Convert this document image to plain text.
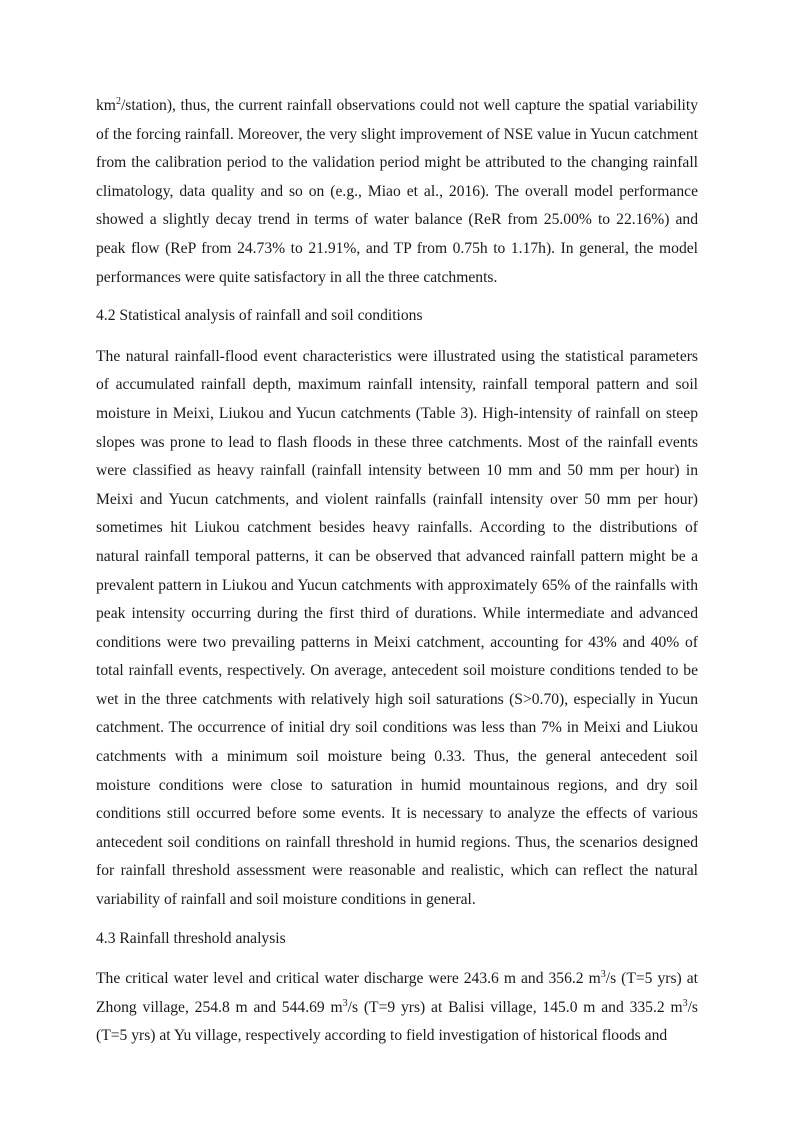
$km^2/station$), thus, the current rainfall observations could not well capture the spatial variability of the forcing rainfall. Moreover, the very slight improvement of NSE value in Yucun catchment from the calibration period to the validation period might be attributed to the changing rainfall climatology, data quality and so on (e.g., Miao et al., 2016). The overall model performance showed a slightly decay trend in terms of water balance (ReR from 25.00% to 22.16%) and peak flow (ReP from 24.73% to 21.91%, and TP from 0.75h to 1.17h). In general, the model performances were quite satisfactory in all the three catchments.

4.2 Statistical analysis of rainfall and soil conditions

The natural rainfall-flood event characteristics were illustrated using the statistical parameters of accumulated rainfall depth, maximum rainfall intensity, rainfall temporal pattern and soil moisture in Meixi, Liukou and Yucun catchments (Table 3). High-intensity of rainfall on steep slopes was prone to lead to flash floods in these three catchments. Most of the rainfall events were classified as heavy rainfall (rainfall intensity between 10 mm and 50 mm per hour) in Meixi and Yucun catchments, and violent rainfalls (rainfall intensity over 50 mm per hour) sometimes hit Liukou catchment besides heavy rainfalls. According to the distributions of natural rainfall temporal patterns, it can be observed that advanced rainfall pattern might be a prevalent pattern in Liukou and Yucun catchments with approximately 65% of the rainfalls with peak intensity occurring during the first third of durations. While intermediate and advanced conditions were two prevailing patterns in Meixi catchment, accounting for 43% and 40% of total rainfall events, respectively. On average, antecedent soil moisture conditions tended to be wet in the three catchments with relatively high soil saturations (S>0.70), especially in Yucun catchment. The occurrence of initial dry soil conditions was less than 7% in Meixi and Liukou catchments with a minimum soil moisture being 0.33. Thus, the general antecedent soil moisture conditions were close to saturation in humid mountainous regions, and dry soil conditions still occurred before some events. It is necessary to analyze the effects of various antecedent soil conditions on rainfall threshold in humid regions. Thus, the scenarios designed for rainfall threshold assessment were reasonable and realistic, which can reflect the natural variability of rainfall and soil moisture conditions in general.

4.3 Rainfall threshold analysis

The critical water level and critical water discharge were 243.6 m and 356.2 $m^3/s$ (T=5 yrs) at Zhong village, 254.8 m and 544.69 $m^3/s$ (T=9 yrs) at Balisi village, 145.0 m and 335.2 $m^3/s$ (T=5 yrs) at Yu village, respectively according to field investigation of historical floods and
